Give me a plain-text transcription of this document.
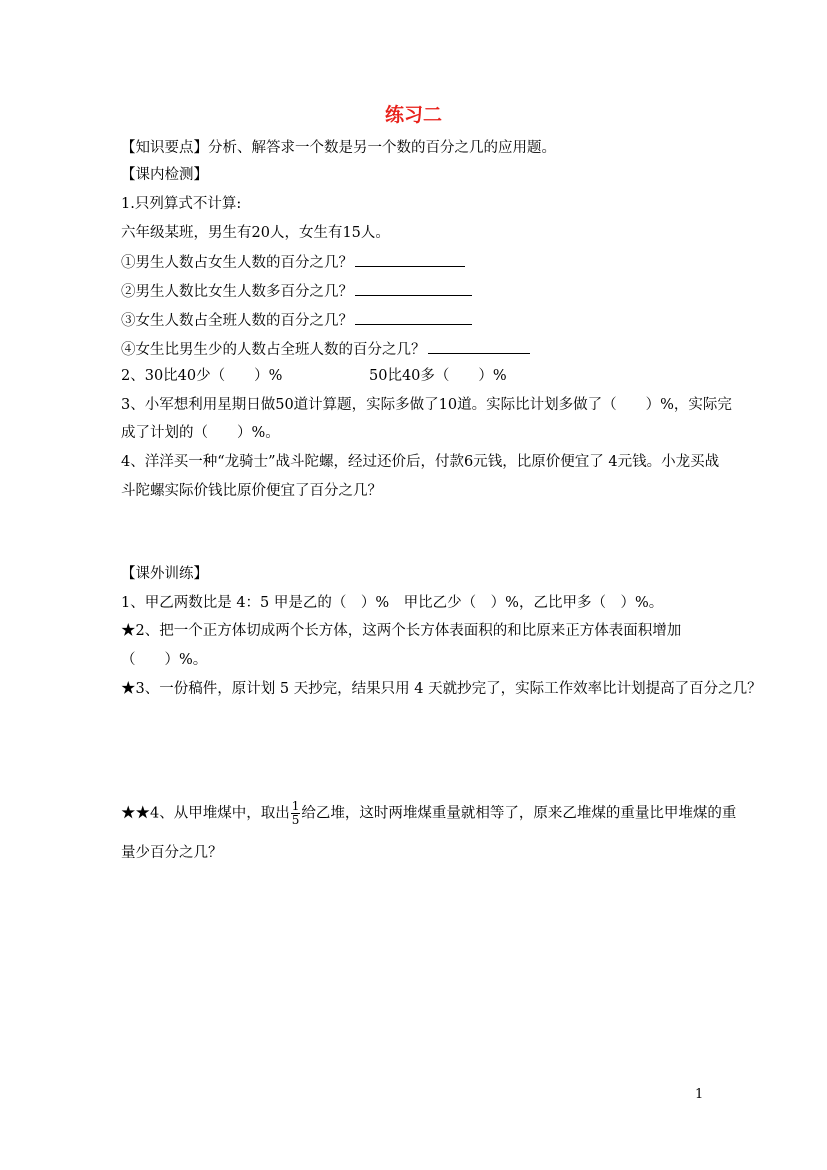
练习二
【知识要点】分析、解答求一个数是另一个数的百分之几的应用题。
【课内检测】
1.只列算式不计算:
六年级某班，男生有20人，女生有15人。
①男生人数占女生人数的百分之几？
②男生人数比女生人数多百分之几？
③女生人数占全班人数的百分之几？
④女生比男生少的人数占全班人数的百分之几？
2、30比40少（　　）%	50比40多（　　）%
3、小军想利用星期日做50道计算题，实际多做了10道。实际比计划多做了（　　）%，实际完
成了计划的（　　）%。
4、洋洋买一种“龙骑士”战斗陀螺，经过还价后，付款6元钱，比原价便宜了 4元钱。小龙买战
斗陀螺实际价钱比原价便宜了百分之几？
【课外训练】
1、甲乙两数比是 4：5 甲是乙的（　）%　甲比乙少（　）%，乙比甲多（　）%。
★2、把一个正方体切成两个长方体，这两个长方体表面积的和比原来正方体表面积增加
（　　）%。
★3、一份稿件，原计划 5 天抄完，结果只用 4 天就抄完了，实际工作效率比计划提高了百分之几？
★★4、从甲堆煤中，取出 $\frac{1}{5}$ 给乙堆，这时两堆煤重量就相等了，原来乙堆煤的重量比甲堆煤的重
量少百分之几？
1
